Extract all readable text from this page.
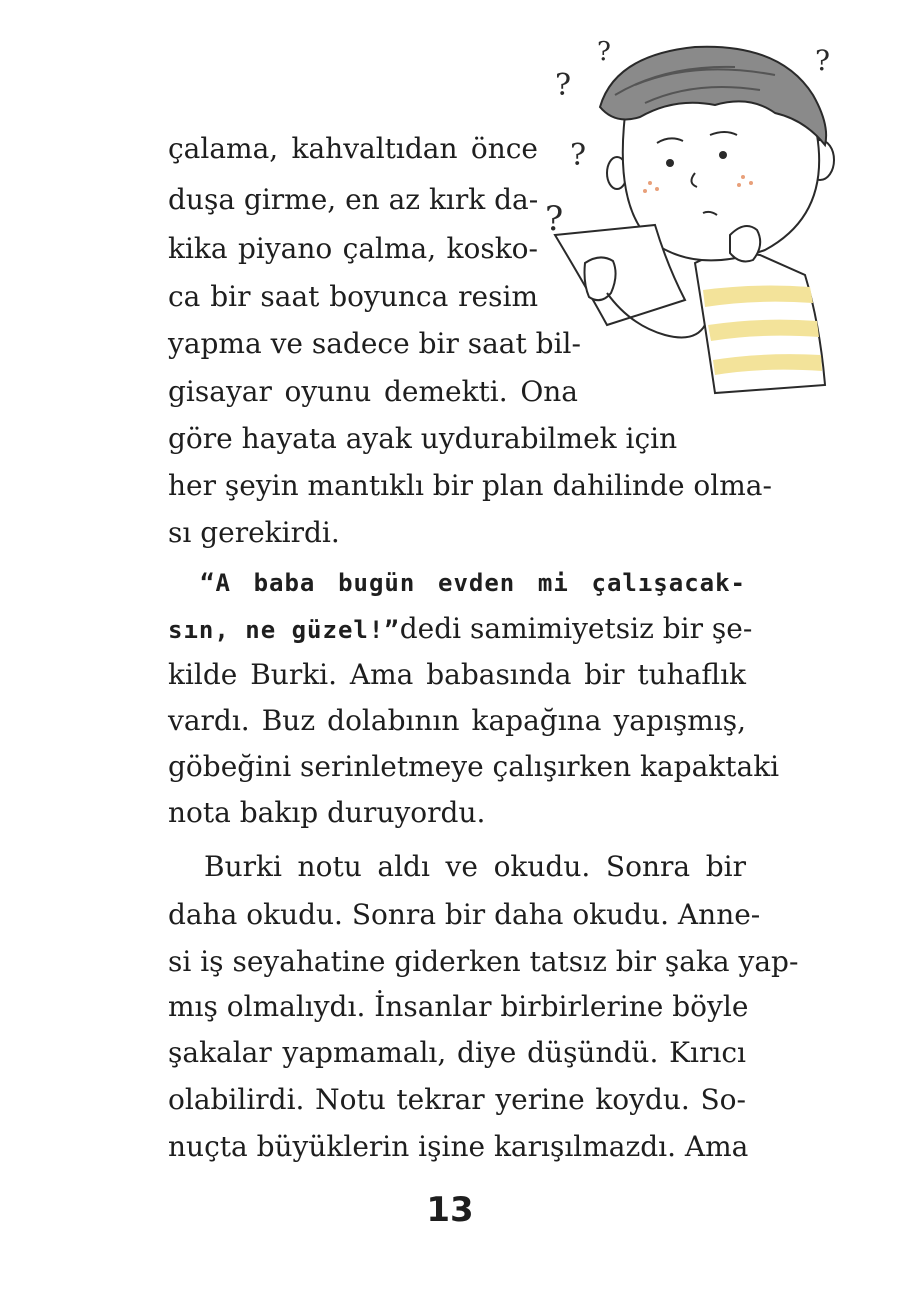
?
?	?
?
?
çalama, kahvaltıdan önce
duşa girme, en az kırk da-
kika piyano çalma, kosko-
ca bir saat boyunca resim
yapma ve sadece bir saat bil-
gisayar oyunu demekti. Ona
göre hayata ayak uydurabilmek için
her şeyin mantıklı bir plan dahilinde olma-
sı gerekirdi.
“A baba bugün evden mi çalışacak-
sın, ne güzel!” dedi samimiyetsiz bir şe-
kilde Burki. Ama babasında bir tuhaflık
vardı. Buz dolabının kapağına yapışmış,
göbeğini serinletmeye çalışırken kapaktaki
nota bakıp duruyordu.
Burki notu aldı ve okudu. Sonra bir
daha okudu. Sonra bir daha okudu. Anne-
si iş seyahatine giderken tatsız bir şaka yap-
mış olmalıydı. İnsanlar birbirlerine böyle
şakalar yapmamalı, diye düşündü. Kırıcı
olabilirdi. Notu tekrar yerine koydu. So-
nuçta büyüklerin işine karışılmazdı. Ama
13
